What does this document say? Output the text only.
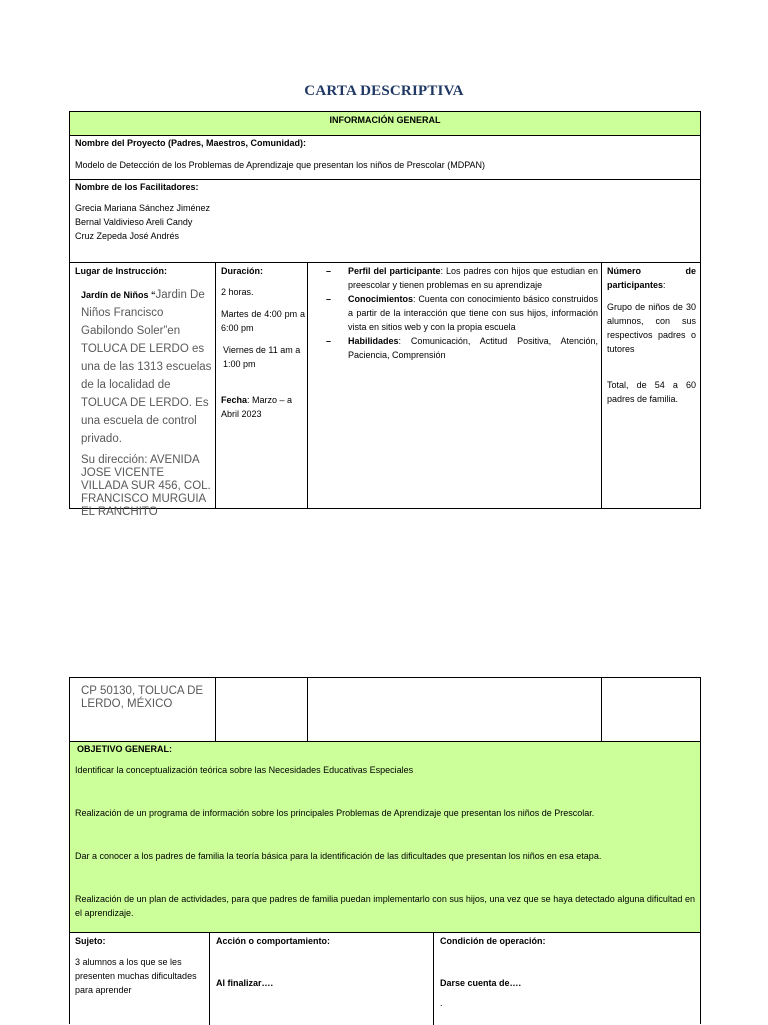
CARTA DESCRIPTIVA
INFORMACIÓN GENERAL
Nombre del Proyecto (Padres, Maestros, Comunidad):
Modelo de Detección de los Problemas de Aprendizaje que presentan los niños de Prescolar (MDPAN)
Nombre de los Facilitadores:
Grecia Mariana Sánchez Jiménez
Bernal Valdivieso Areli Candy
Cruz Zepeda José Andrés
Lugar de Instrucción:
Jardín de Niños “Jardin De Niños Francisco Gabilondo Soler”en TOLUCA DE LERDO es una de las 1313 escuelas de la localidad de TOLUCA DE LERDO. Es una escuela de control privado.
Su dirección: AVENIDA JOSE VICENTE VILLADA SUR 456, COL. FRANCISCO MURGUIA EL RANCHITO
Duración:
2 horas.
Martes de 4:00 pm a 6:00 pm
Viernes de 11 am a 1:00 pm
Fecha: Marzo – a Abril 2023
– Perfil del participante: Los padres con hijos que estudian en preescolar y tienen problemas en su aprendizaje
– Conocimientos: Cuenta con conocimiento básico construidos a partir de la interacción que tiene con sus hijos, información vista en sitios web y con la propia escuela
– Habilidades: Comunicación, Actitud Positiva, Atención, Paciencia, Comprensión
Número de
participantes:
Grupo de niños de 30 alumnos, con sus respectivos padres o tutores
Total, de 54 a 60 padres de familia.
CP 50130, TOLUCA DE LERDO, MÉXICO
OBJETIVO GENERAL:
Identificar la conceptualización teórica sobre las Necesidades Educativas Especiales
Realización de un programa de información sobre los principales Problemas de Aprendizaje que presentan los niños de Prescolar.
Dar a conocer a los padres de familia la teoría básica para la identificación de las dificultades que presentan los niños en esa etapa.
Realización de un plan de actividades, para que padres de familia puedan implementarlo con sus hijos, una vez que se haya detectado alguna dificultad en el aprendizaje.
Sujeto:
3 alumnos a los que se les presenten muchas dificultades para aprender
Acción o comportamiento:
Al finalizar….
Condición de operación:
Darse cuenta de….
.
